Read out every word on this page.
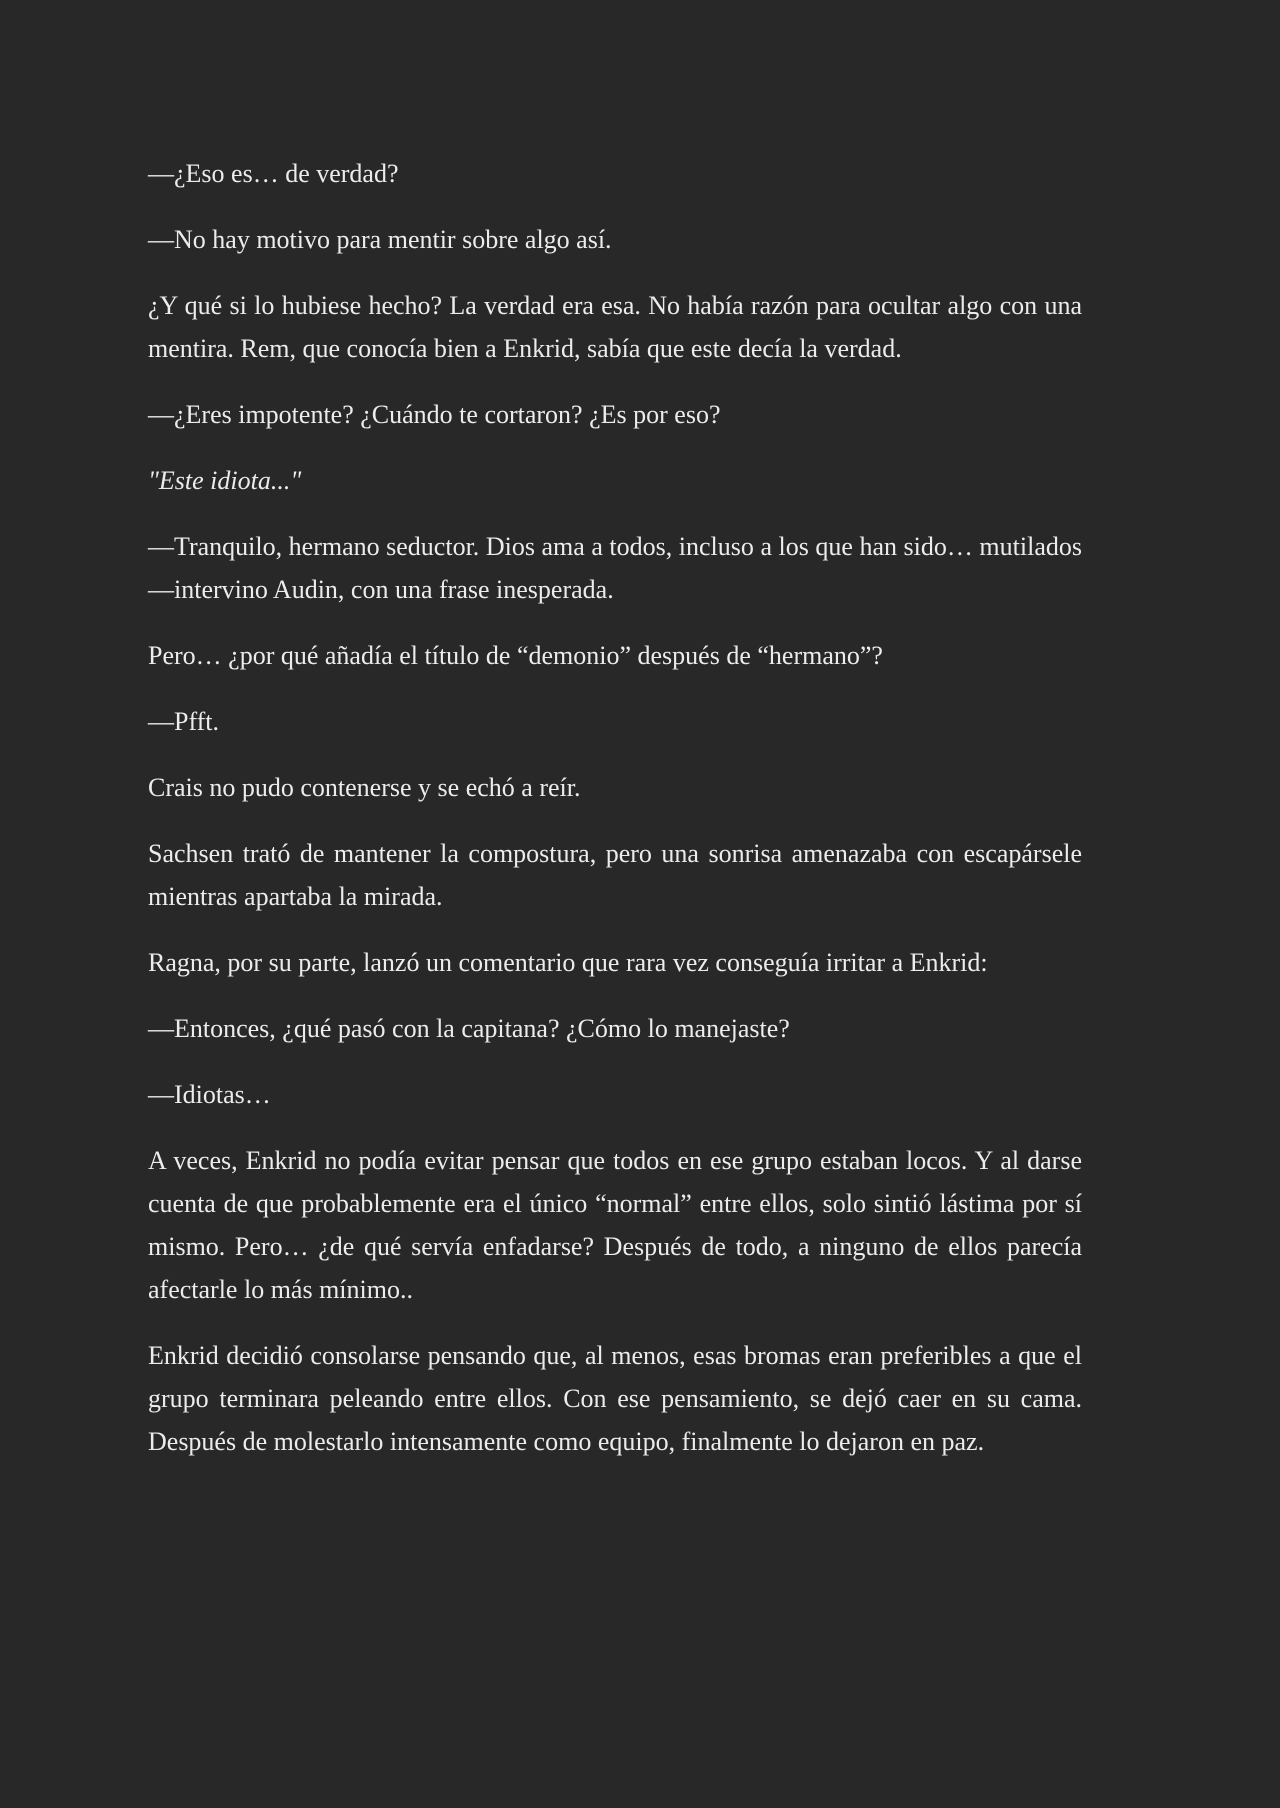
—¿Eso es… de verdad?

—No hay motivo para mentir sobre algo así.

¿Y qué si lo hubiese hecho? La verdad era esa. No había razón para ocultar algo con una mentira. Rem, que conocía bien a Enkrid, sabía que este decía la verdad.

—¿Eres impotente? ¿Cuándo te cortaron? ¿Es por eso?

"Este idiota..."

—Tranquilo, hermano seductor. Dios ama a todos, incluso a los que han sido… mutilados —intervino Audin, con una frase inesperada.

Pero… ¿por qué añadía el título de “demonio” después de “hermano”?

—Pfft.

Crais no pudo contenerse y se echó a reír.

Sachsen trató de mantener la compostura, pero una sonrisa amenazaba con escapársele mientras apartaba la mirada.

Ragna, por su parte, lanzó un comentario que rara vez conseguía irritar a Enkrid:

—Entonces, ¿qué pasó con la capitana? ¿Cómo lo manejaste?

—Idiotas…

A veces, Enkrid no podía evitar pensar que todos en ese grupo estaban locos. Y al darse cuenta de que probablemente era el único “normal” entre ellos, solo sintió lástima por sí mismo. Pero… ¿de qué servía enfadarse? Después de todo, a ninguno de ellos parecía afectarle lo más mínimo..

Enkrid decidió consolarse pensando que, al menos, esas bromas eran preferibles a que el grupo terminara peleando entre ellos. Con ese pensamiento, se dejó caer en su cama. Después de molestarlo intensamente como equipo, finalmente lo dejaron en paz.
